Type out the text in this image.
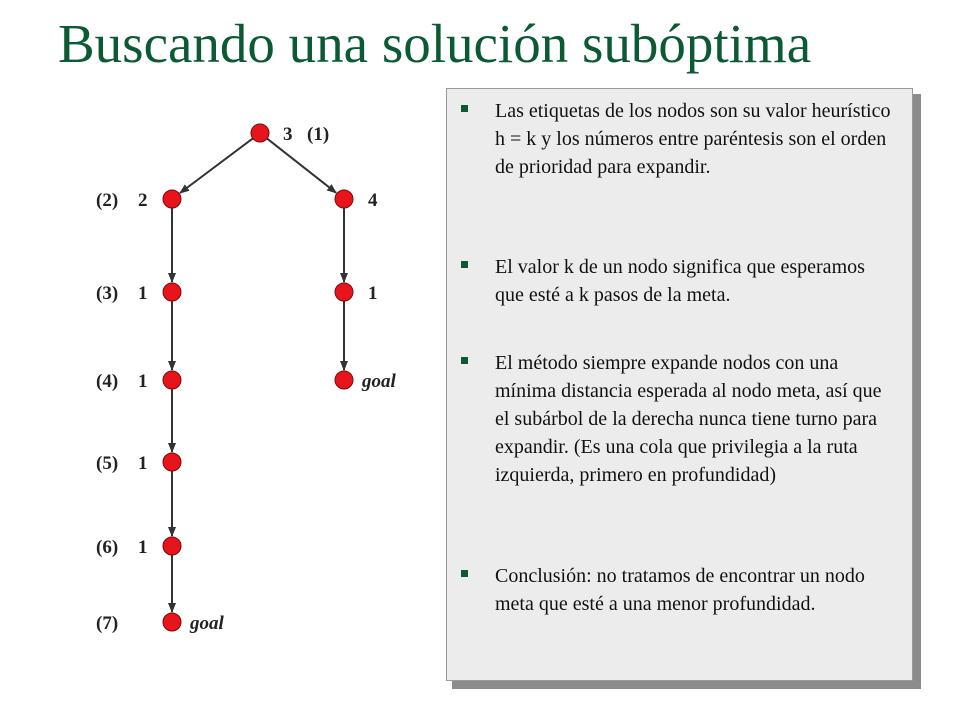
Buscando una solución subóptima
3 (1)
2
(2)	4
1
(3)	1
1
(4)	goal
1
(5)
1
(6)
goal
(7)
Las etiquetas de los nodos son su valor heurístico h = k y los números entre paréntesis son el orden de prioridad para expandir.
El valor k de un nodo significa que esperamos que esté a k pasos de la meta.
El método siempre expande nodos con una mínima distancia esperada al nodo meta, así que el subárbol de la derecha nunca tiene turno para expandir. (Es una cola que privilegia a la ruta izquierda, primero en profundidad)
Conclusión: no tratamos de encontrar un nodo meta que esté a una menor profundidad.
